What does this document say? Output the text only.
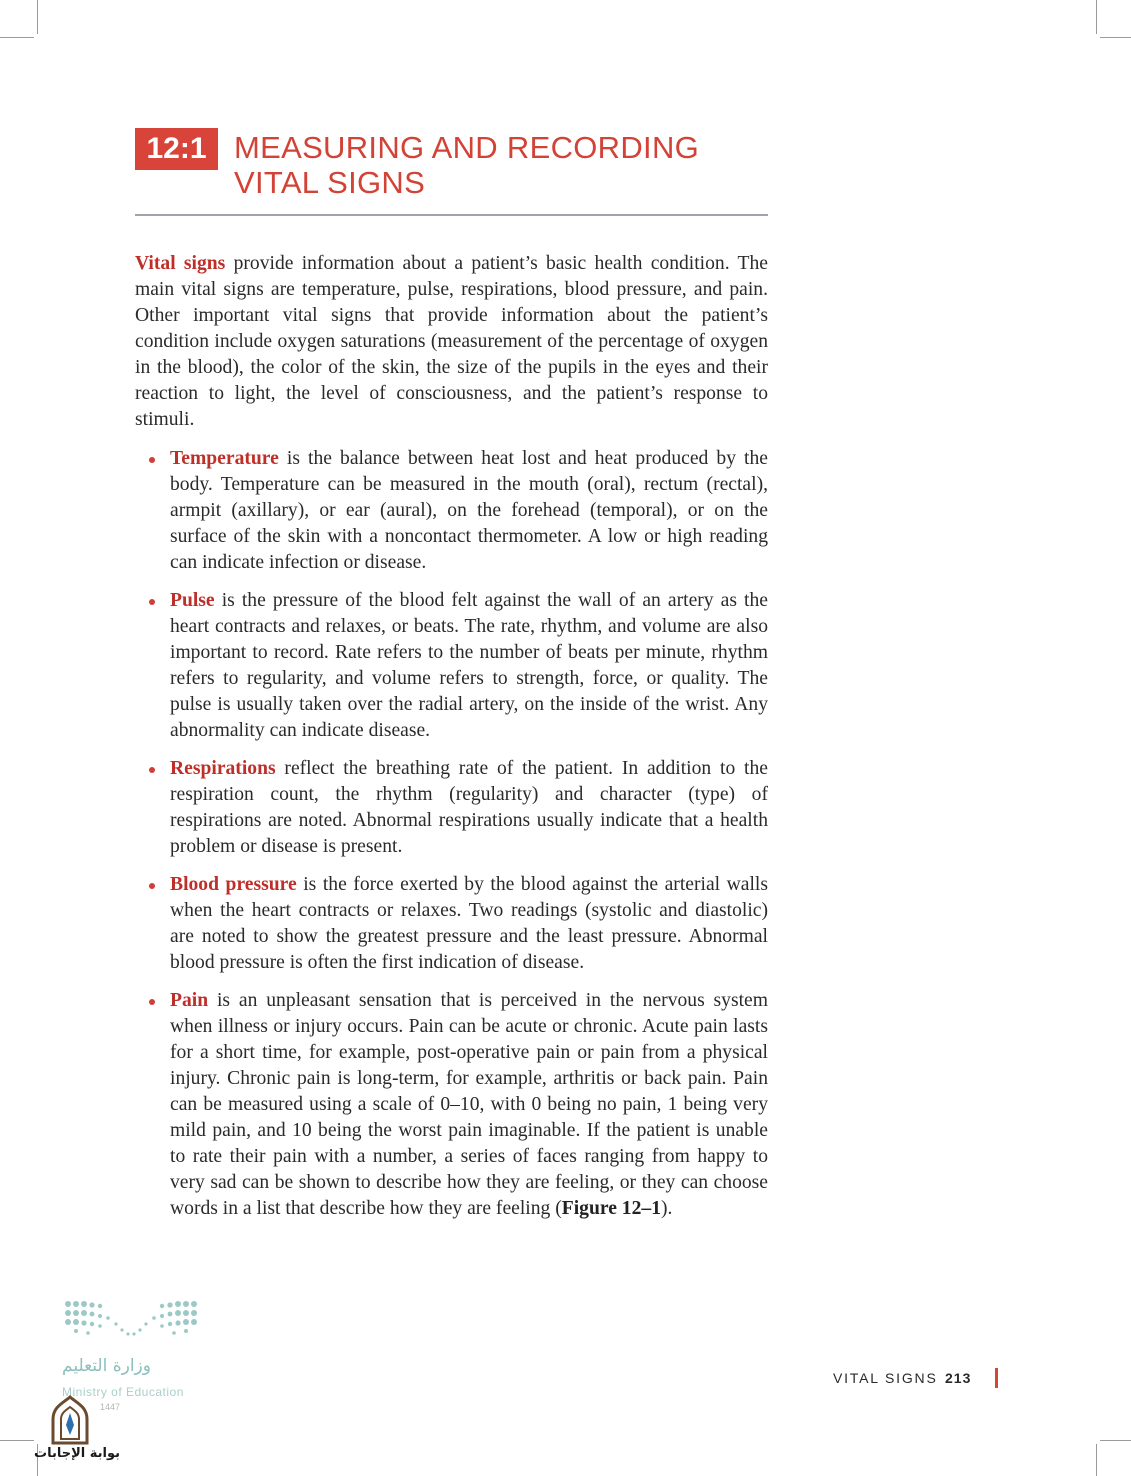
12:1 MEASURING AND RECORDING VITAL SIGNS

Vital signs provide information about a patient’s basic health condition. The main vital signs are temperature, pulse, respirations, blood pressure, and pain. Other important vital signs that provide information about the patient’s condition include oxygen saturations (measurement of the percentage of oxygen in the blood), the color of the skin, the size of the pupils in the eyes and their reaction to light, the level of consciousness, and the patient’s response to stimuli.

Temperature is the balance between heat lost and heat produced by the body. Temperature can be measured in the mouth (oral), rectum (rectal), armpit (axillary), or ear (aural), on the forehead (temporal), or on the surface of the skin with a noncontact thermometer. A low or high reading can indicate infection or disease.
Pulse is the pressure of the blood felt against the wall of an artery as the heart contracts and relaxes, or beats. The rate, rhythm, and volume are also important to record. Rate refers to the number of beats per minute, rhythm refers to regularity, and volume refers to strength, force, or quality. The pulse is usually taken over the radial artery, on the inside of the wrist. Any abnormality can indicate disease.
Respirations reflect the breathing rate of the patient. In addition to the respiration count, the rhythm (regularity) and character (type) of respirations are noted. Abnormal respirations usually indicate that a health problem or disease is present.
Blood pressure is the force exerted by the blood against the arterial walls when the heart contracts or relaxes. Two readings (systolic and diastolic) are noted to show the greatest pressure and the least pressure. Abnormal blood pressure is often the first indication of disease.
Pain is an unpleasant sensation that is perceived in the nervous system when illness or injury occurs. Pain can be acute or chronic. Acute pain lasts for a short time, for example, post-operative pain or pain from a physical injury. Chronic pain is long-term, for example, arthritis or back pain. Pain can be measured using a scale of 0–10, with 0 being no pain, 1 being very mild pain, and 10 being the worst pain imaginable. If the patient is unable to rate their pain with a number, a series of faces ranging from happy to very sad can be shown to describe how they are feeling, or they can choose words in a list that describe how they are feeling (Figure 12–1).
وزارة التعليم
Ministry of Education
1447
بوابة الإجابات
VITAL SIGNS 213
